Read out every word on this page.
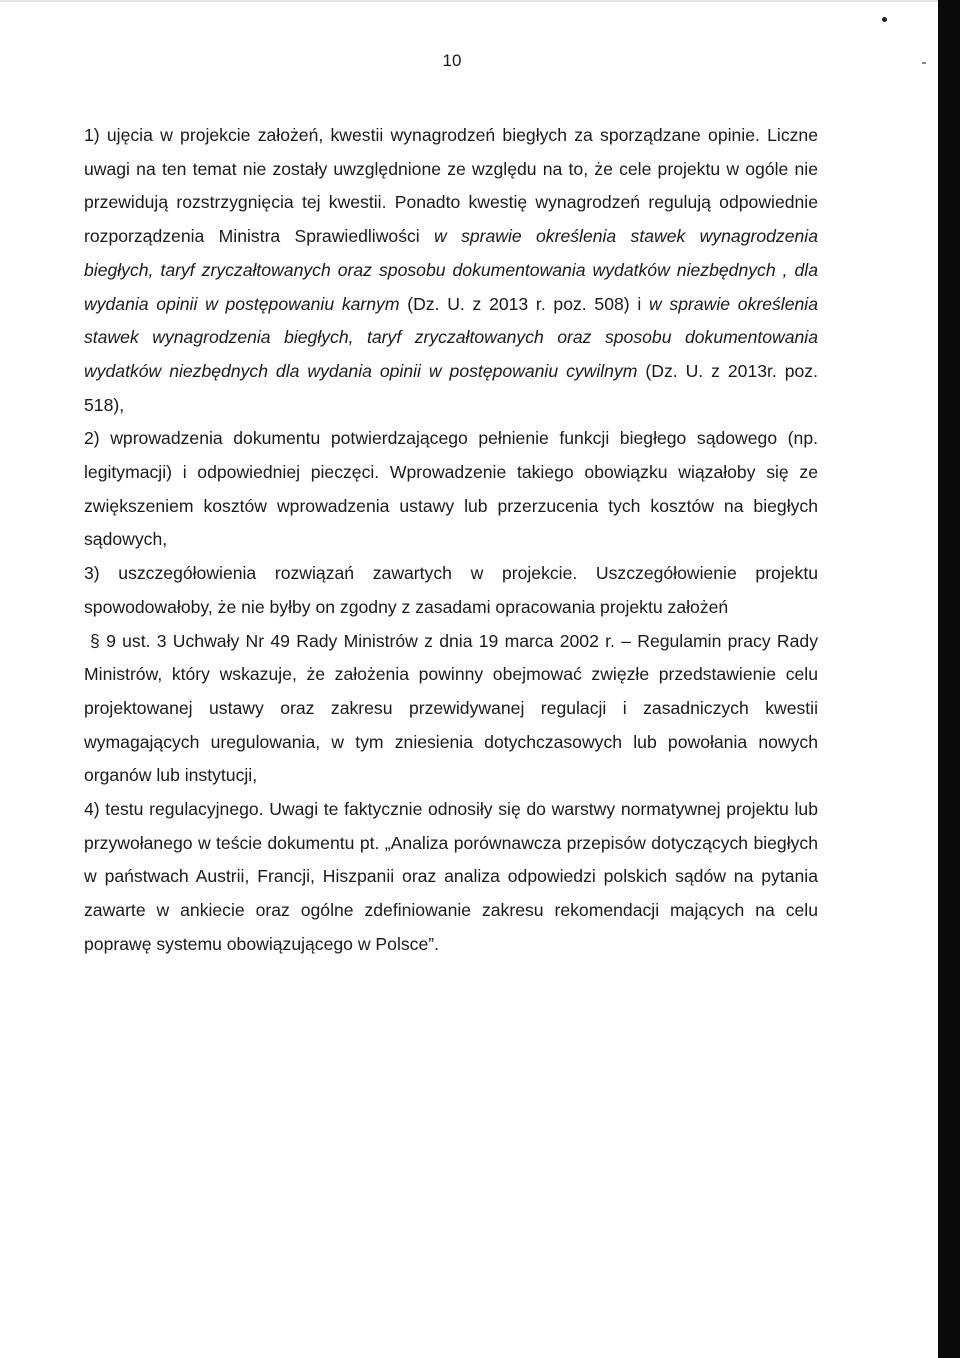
10

1) ujęcia w projekcie założeń, kwestii wynagrodzeń biegłych za sporządzane opinie. Liczne uwagi na ten temat nie zostały uwzględnione ze względu na to, że cele projektu w ogóle nie przewidują rozstrzygnięcia tej kwestii. Ponadto kwestię wynagrodzeń regulują odpowiednie rozporządzenia Ministra Sprawiedliwości w sprawie określenia stawek wynagrodzenia biegłych, taryf zryczałtowanych oraz sposobu dokumentowania wydatków niezbędnych , dla wydania opinii w postępowaniu karnym (Dz. U. z 2013 r. poz. 508) i w sprawie określenia stawek wynagrodzenia biegłych, taryf zryczałtowanych oraz sposobu dokumentowania wydatków niezbędnych dla wydania opinii w postępowaniu cywilnym (Dz. U. z 2013r. poz. 518),

2) wprowadzenia dokumentu potwierdzającego pełnienie funkcji biegłego sądowego (np. legitymacji) i odpowiedniej pieczęci. Wprowadzenie takiego obowiązku wiązałoby się ze zwiększeniem kosztów wprowadzenia ustawy lub przerzucenia tych kosztów na biegłych sądowych,

3) uszczegółowienia rozwiązań zawartych w projekcie. Uszczegółowienie projektu spowodowałoby, że nie byłby on zgodny z zasadami opracowania projektu założeń
§ 9 ust. 3 Uchwały Nr 49 Rady Ministrów z dnia 19 marca 2002 r. – Regulamin pracy Rady Ministrów, który wskazuje, że założenia powinny obejmować zwięzłe przedstawienie celu projektowanej ustawy oraz zakresu przewidywanej regulacji i zasadniczych kwestii wymagających uregulowania, w tym zniesienia dotychczasowych lub powołania nowych organów lub instytucji,

4) testu regulacyjnego. Uwagi te faktycznie odnosiły się do warstwy normatywnej projektu lub przywołanego w teście dokumentu pt. „Analiza porównawcza przepisów dotyczących biegłych w państwach Austrii, Francji, Hiszpanii oraz analiza odpowiedzi polskich sądów na pytania zawarte w ankiecie oraz ogólne zdefiniowanie zakresu rekomendacji mających na celu poprawę systemu obowiązującego w Polsce”.
